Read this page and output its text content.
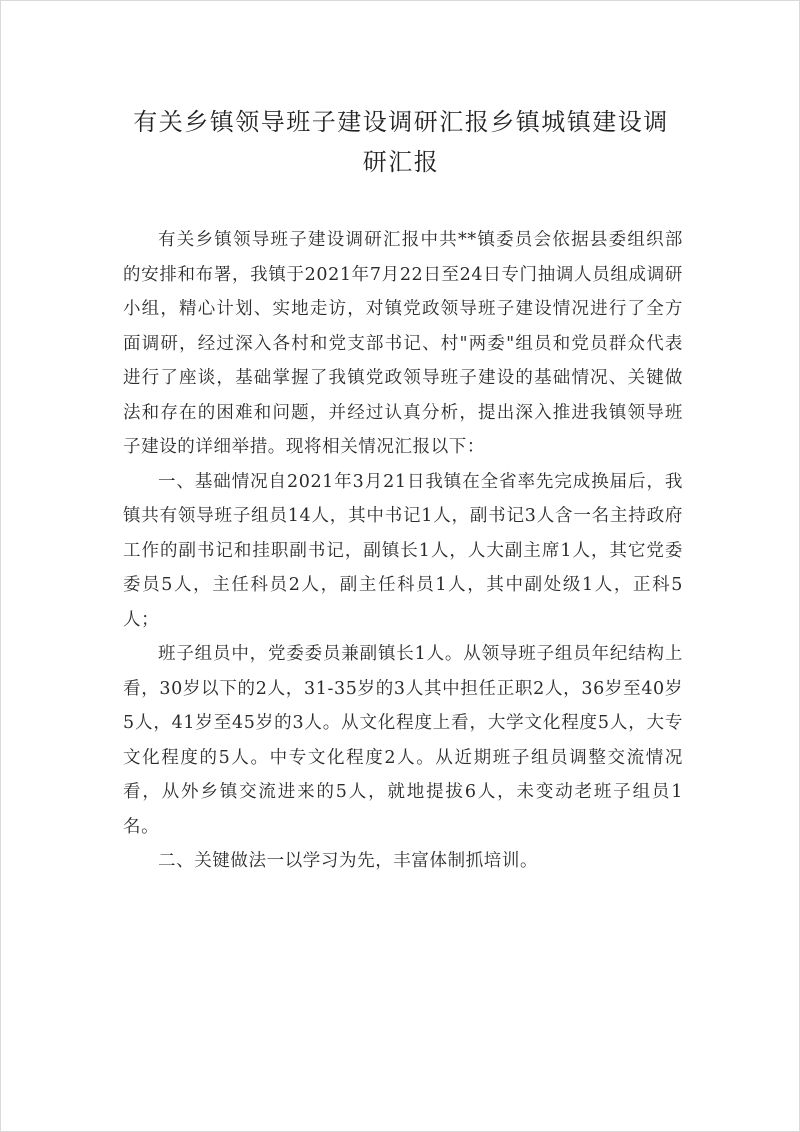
有关乡镇领导班子建设调研汇报乡镇城镇建设调研汇报

有关乡镇领导班子建设调研汇报中共**镇委员会依据县委组织部的安排和布署，我镇于2021年7月22日至24日专门抽调人员组成调研小组，精心计划、实地走访，对镇党政领导班子建设情况进行了全方面调研，经过深入各村和党支部书记、村"两委"组员和党员群众代表进行了座谈，基础掌握了我镇党政领导班子建设的基础情况、关键做法和存在的困难和问题，并经过认真分析，提出深入推进我镇领导班子建设的详细举措。现将相关情况汇报以下：

一、基础情况自2021年3月21日我镇在全省率先完成换届后，我镇共有领导班子组员14人，其中书记1人，副书记3人含一名主持政府工作的副书记和挂职副书记，副镇长1人，人大副主席1人，其它党委委员5人，主任科员2人，副主任科员1人，其中副处级1人，正科5人；

班子组员中，党委委员兼副镇长1人。从领导班子组员年纪结构上看，30岁以下的2人，31-35岁的3人其中担任正职2人，36岁至40岁5人，41岁至45岁的3人。从文化程度上看，大学文化程度5人，大专文化程度的5人。中专文化程度2人。从近期班子组员调整交流情况看，从外乡镇交流进来的5人，就地提拔6人，未变动老班子组员1名。

二、关键做法一以学习为先，丰富体制抓培训。
